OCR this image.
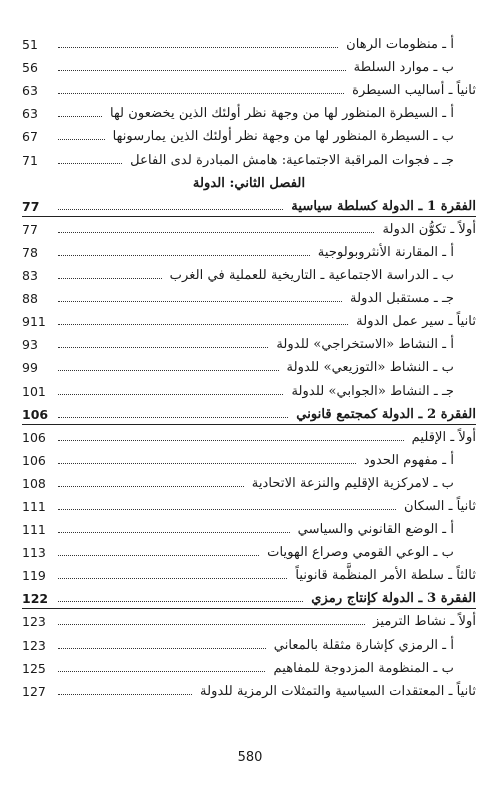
أ ـ منظومات الرهان
51
ب ـ موارد السلطة
56
ثانياً ـ أساليب السيطرة
63
أ ـ السيطرة المنظور لها من وجهة نظر أولئك الذين يخضعون لها
63
ب ـ السيطرة المنظور لها من وجهة نظر أولئك الذين يمارسونها
67
جـ ـ فجوات المراقبة الاجتماعية: هامش المبادرة لدى الفاعل
71
الفصل الثاني: الدولة
الفقرة 1 ـ الدولة كسلطة سياسية
77
أولاً ـ تكوُّن الدولة
77
أ ـ المقارنة الأنثروبولوجية
78
ب ـ الدراسة الاجتماعية ـ التاريخية للعملية في الغرب
83
جـ ـ مستقبل الدولة
88
ثانياً ـ سير عمل الدولة
911
أ ـ النشاط «الاستخراجي» للدولة
93
ب ـ النشاط «التوزيعي» للدولة
99
جـ ـ النشاط «الجوابي» للدولة
101
الفقرة 2 ـ الدولة كمجتمع قانوني
106
أولاً ـ الإقليم
106
أ ـ مفهوم الحدود
106
ب ـ لامركزية الإقليم والنزعة الاتحادية
108
ثانياً ـ السكان
111
أ ـ الوضع القانوني والسياسي
111
ب ـ الوعي القومي وصراع الهويات
113
ثالثاً ـ سلطة الأمر المنظَّمة قانونياً
119
الفقرة 3 ـ الدولة كإنتاج رمزي
122
أولاً ـ نشاط الترميز
123
أ ـ الرمزي كإشارة مثقلة بالمعاني
123
ب ـ المنظومة المزدوجة للمفاهيم
125
ثانياً ـ المعتقدات السياسية والتمثلات الرمزية للدولة
127
580
